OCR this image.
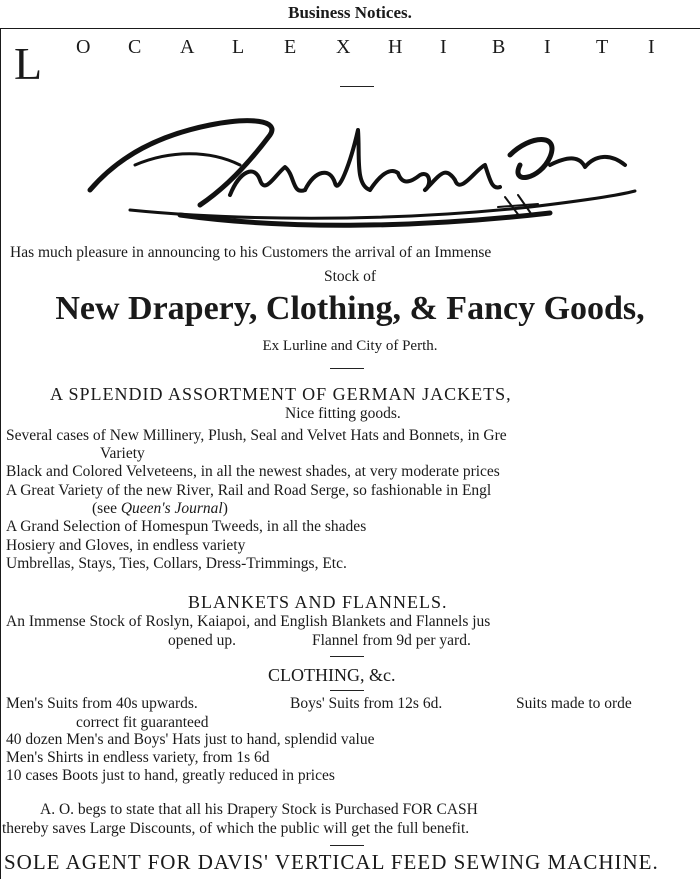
Business Notices.
L O C A L E X H I B I T I
Has much pleasure in announcing to his Customers the arrival of an Immense
Stock of
New Drapery, Clothing, & Fancy Goods,
Ex Lurline and City of Perth.
A SPLENDID ASSORTMENT OF GERMAN JACKETS,
Nice fitting goods.
Several cases of New Millinery, Plush, Seal and Velvet Hats and Bonnets, in Gre
Variety
Black and Colored Velveteens, in all the newest shades, at very moderate prices
A Great Variety of the new River, Rail and Road Serge, so fashionable in Engl
(see Queen's Journal)
A Grand Selection of Homespun Tweeds, in all the shades
Hosiery and Gloves, in endless variety
Umbrellas, Stays, Ties, Collars, Dress-Trimmings, Etc.
BLANKETS AND FLANNELS.
An Immense Stock of Roslyn, Kaiapoi, and English Blankets and Flannels jus
opened up.	Flannel from 9d per yard.
CLOTHING, &c.
Men's Suits from 40s upwards.	Boys' Suits from 12s 6d.	Suits made to orde
correct fit guaranteed
40 dozen Men's and Boys' Hats just to hand, splendid value
Men's Shirts in endless variety, from 1s 6d
10 cases Boots just to hand, greatly reduced in prices
A. O. begs to state that all his Drapery Stock is Purchased FOR CASH
thereby saves Large Discounts, of which the public will get the full benefit.
SOLE AGENT FOR DAVIS' VERTICAL FEED SEWING MACHINE.
